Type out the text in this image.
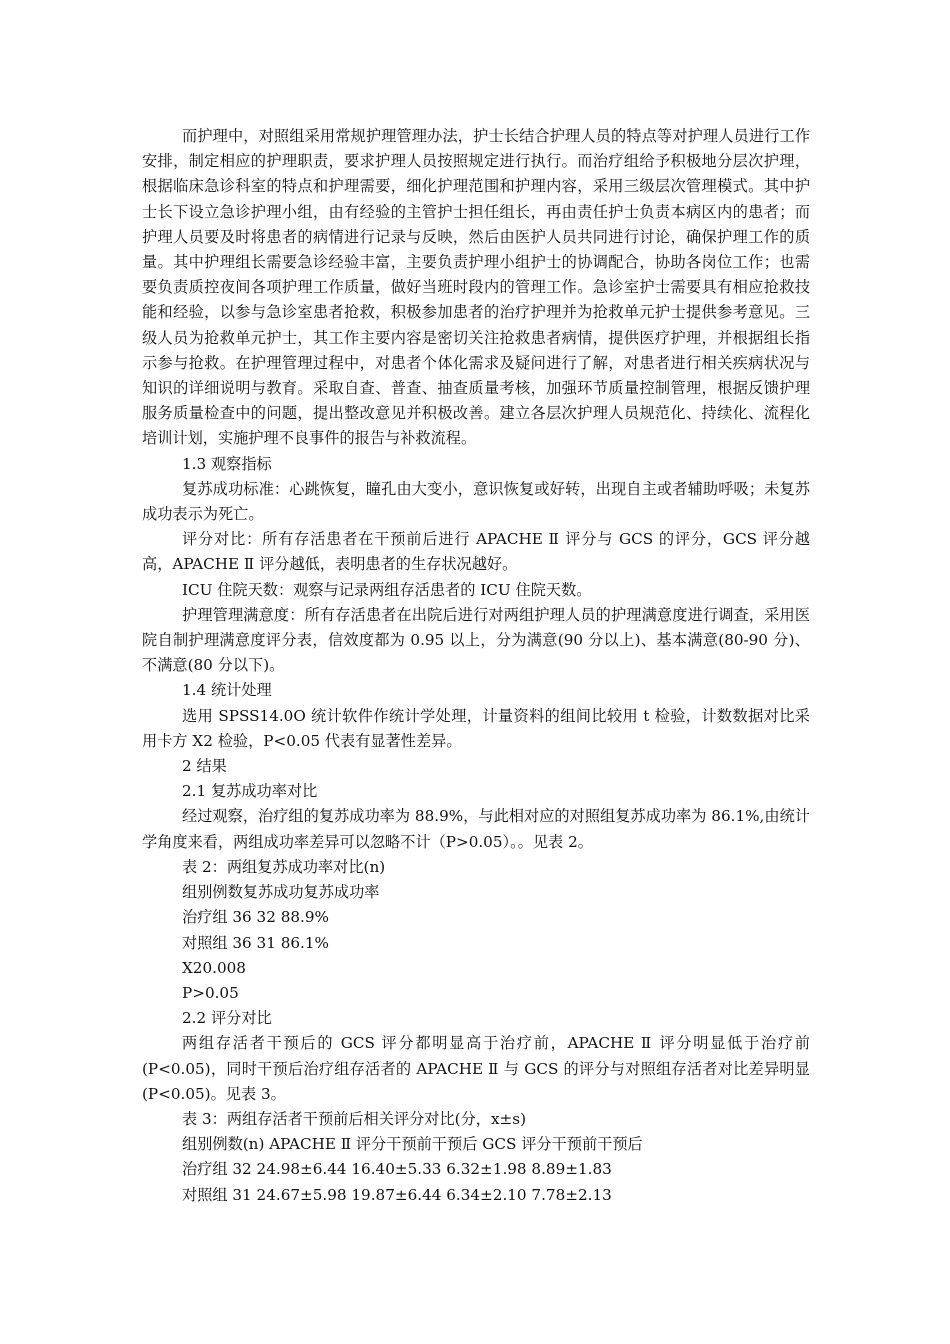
而护理中，对照组采用常规护理管理办法，护士长结合护理人员的特点等对护理人员进行工作安排，制定相应的护理职责，要求护理人员按照规定进行执行。而治疗组给予积极地分层次护理，根据临床急诊科室的特点和护理需要，细化护理范围和护理内容，采用三级层次管理模式。其中护士长下设立急诊护理小组，由有经验的主管护士担任组长，再由责任护士负责本病区内的患者；而护理人员要及时将患者的病情进行记录与反映，然后由医护人员共同进行讨论，确保护理工作的质量。其中护理组长需要急诊经验丰富，主要负责护理小组护士的协调配合，协助各岗位工作；也需要负责质控夜间各项护理工作质量，做好当班时段内的管理工作。急诊室护士需要具有相应抢救技能和经验，以参与急诊室患者抢救，积极参加患者的治疗护理并为抢救单元护士提供参考意见。三级人员为抢救单元护士，其工作主要内容是密切关注抢救患者病情，提供医疗护理，并根据组长指示参与抢救。在护理管理过程中，对患者个体化需求及疑问进行了解，对患者进行相关疾病状况与知识的详细说明与教育。采取自查、普查、抽查质量考核，加强环节质量控制管理，根据反馈护理服务质量检查中的问题，提出整改意见并积极改善。建立各层次护理人员规范化、持续化、流程化培训计划，实施护理不良事件的报告与补救流程。

1.3 观察指标

复苏成功标准：心跳恢复，瞳孔由大变小，意识恢复或好转，出现自主或者辅助呼吸；未复苏成功表示为死亡。

评分对比：所有存活患者在干预前后进行 APACHE Ⅱ 评分与 GCS 的评分，GCS 评分越高，APACHE Ⅱ 评分越低，表明患者的生存状况越好。

ICU 住院天数：观察与记录两组存活患者的 ICU 住院天数。

护理管理满意度：所有存活患者在出院后进行对两组护理人员的护理满意度进行调查，采用医院自制护理满意度评分表，信效度都为 0.95 以上，分为满意(90 分以上)、基本满意(80-90 分)、不满意(80 分以下)。

1.4 统计处理

选用 SPSS14.0O 统计软件作统计学处理，计量资料的组间比较用 t 检验，计数数据对比采用卡方 X2 检验，P<0.05 代表有显著性差异。

2 结果

2.1 复苏成功率对比

经过观察，治疗组的复苏成功率为 88.9%，与此相对应的对照组复苏成功率为 86.1%,由统计学角度来看，两组成功率差异可以忽略不计（P>0.05）。。见表 2。

表 2：两组复苏成功率对比(n)

组别例数复苏成功复苏成功率

治疗组 36 32 88.9%

对照组 36 31 86.1%

X20.008

P>0.05

2.2 评分对比

两组存活者干预后的 GCS 评分都明显高于治疗前，APACHE Ⅱ 评分明显低于治疗前(P<0.05)，同时干预后治疗组存活者的 APACHE Ⅱ 与 GCS 的评分与对照组存活者对比差异明显(P<0.05)。见表 3。

表 3：两组存活者干预前后相关评分对比(分，x±s)

组别例数(n) APACHE Ⅱ 评分干预前干预后 GCS 评分干预前干预后

治疗组 32 24.98±6.44 16.40±5.33 6.32±1.98 8.89±1.83

对照组 31 24.67±5.98 19.87±6.44 6.34±2.10 7.78±2.13
